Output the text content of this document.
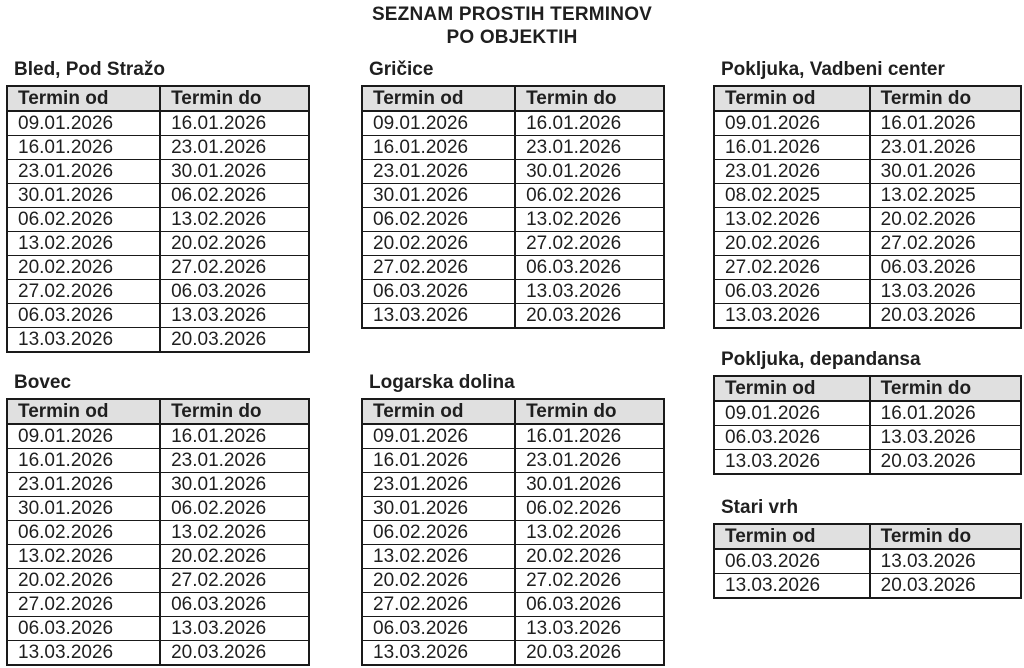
SEZNAM PROSTIH TERMINOV
PO OBJEKTIH
Bled, Pod Stražo
Termin od	Termin do
09.01.2026	16.01.2026
16.01.2026	23.01.2026
23.01.2026	30.01.2026
30.01.2026	06.02.2026
06.02.2026	13.02.2026
13.02.2026	20.02.2026
20.02.2026	27.02.2026
27.02.2026	06.03.2026
06.03.2026	13.03.2026
13.03.2026	20.03.2026
Bovec
Termin od	Termin do
09.01.2026	16.01.2026
16.01.2026	23.01.2026
23.01.2026	30.01.2026
30.01.2026	06.02.2026
06.02.2026	13.02.2026
13.02.2026	20.02.2026
20.02.2026	27.02.2026
27.02.2026	06.03.2026
06.03.2026	13.03.2026
13.03.2026	20.03.2026
Gričice
Termin od	Termin do
09.01.2026	16.01.2026
16.01.2026	23.01.2026
23.01.2026	30.01.2026
30.01.2026	06.02.2026
06.02.2026	13.02.2026
20.02.2026	27.02.2026
27.02.2026	06.03.2026
06.03.2026	13.03.2026
13.03.2026	20.03.2026
Logarska dolina
Termin od	Termin do
09.01.2026	16.01.2026
16.01.2026	23.01.2026
23.01.2026	30.01.2026
30.01.2026	06.02.2026
06.02.2026	13.02.2026
13.02.2026	20.02.2026
20.02.2026	27.02.2026
27.02.2026	06.03.2026
06.03.2026	13.03.2026
13.03.2026	20.03.2026
Pokljuka, Vadbeni center
Termin od	Termin do
09.01.2026	16.01.2026
16.01.2026	23.01.2026
23.01.2026	30.01.2026
08.02.2025	13.02.2025
13.02.2026	20.02.2026
20.02.2026	27.02.2026
27.02.2026	06.03.2026
06.03.2026	13.03.2026
13.03.2026	20.03.2026
Pokljuka, depandansa
Termin od	Termin do
09.01.2026	16.01.2026
06.03.2026	13.03.2026
13.03.2026	20.03.2026
Stari vrh
Termin od	Termin do
06.03.2026	13.03.2026
13.03.2026	20.03.2026
